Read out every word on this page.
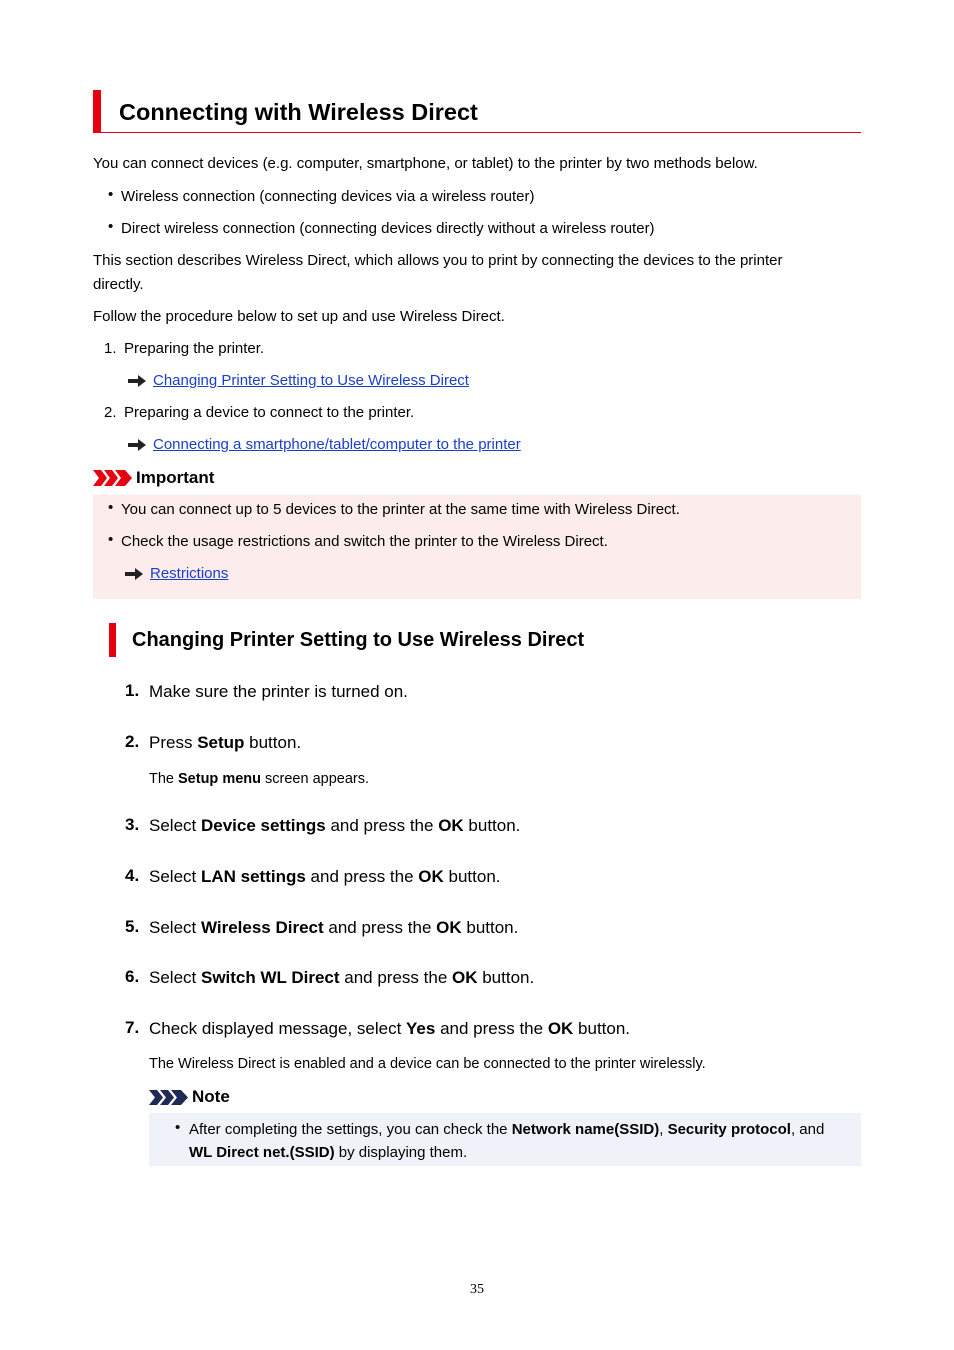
Connecting with Wireless Direct
You can connect devices (e.g. computer, smartphone, or tablet) to the printer by two methods below.
• Wireless connection (connecting devices via a wireless router)
• Direct wireless connection (connecting devices directly without a wireless router)
This section describes Wireless Direct, which allows you to print by connecting the devices to the printer
directly.
Follow the procedure below to set up and use Wireless Direct.
1. Preparing the printer.
Changing Printer Setting to Use Wireless Direct
2. Preparing a device to connect to the printer.
Connecting a smartphone/tablet/computer to the printer
Important
• You can connect up to 5 devices to the printer at the same time with Wireless Direct.
• Check the usage restrictions and switch the printer to the Wireless Direct.
Restrictions
Changing Printer Setting to Use Wireless Direct
1. Make sure the printer is turned on.
2. Press Setup button.
The Setup menu screen appears.
3. Select Device settings and press the OK button.
4. Select LAN settings and press the OK button.
5. Select Wireless Direct and press the OK button.
6. Select Switch WL Direct and press the OK button.
7. Check displayed message, select Yes and press the OK button.
The Wireless Direct is enabled and a device can be connected to the printer wirelessly.
Note
• After completing the settings, you can check the Network name(SSID), Security protocol, and
WL Direct net.(SSID) by displaying them.
35
